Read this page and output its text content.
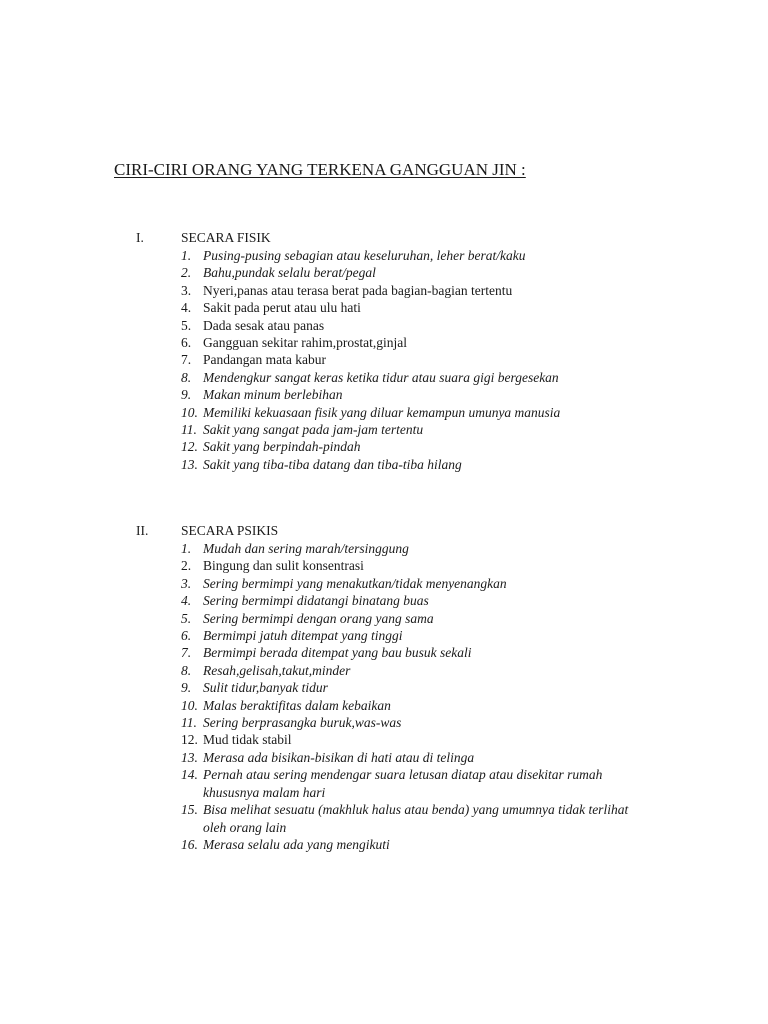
CIRI-CIRI ORANG YANG TERKENA GANGGUAN JIN :
I.	SECARA FISIK
1. Pusing-pusing sebagian atau keseluruhan, leher berat/kaku
2. Bahu,pundak selalu berat/pegal
3. Nyeri,panas atau terasa berat pada bagian-bagian tertentu
4. Sakit pada perut atau ulu hati
5. Dada sesak atau panas
6. Gangguan sekitar rahim,prostat,ginjal
7. Pandangan mata kabur
8. Mendengkur sangat keras ketika tidur atau suara gigi bergesekan
9. Makan minum berlebihan
10. Memiliki kekuasaan fisik yang diluar kemampun umunya manusia
11. Sakit yang sangat pada jam-jam tertentu
12. Sakit yang berpindah-pindah
13. Sakit yang tiba-tiba datang dan tiba-tiba hilang
II.	SECARA PSIKIS
1. Mudah dan sering marah/tersinggung
2. Bingung dan sulit konsentrasi
3. Sering bermimpi yang menakutkan/tidak menyenangkan
4. Sering bermimpi didatangi binatang buas
5. Sering bermimpi dengan orang yang sama
6. Bermimpi jatuh ditempat yang tinggi
7. Bermimpi berada ditempat yang bau busuk sekali
8. Resah,gelisah,takut,minder
9. Sulit tidur,banyak tidur
10. Malas beraktifitas dalam kebaikan
11. Sering berprasangka buruk,was-was
12. Mud tidak stabil
13. Merasa ada bisikan-bisikan di hati atau di telinga
14. Pernah atau sering mendengar suara letusan diatap atau disekitar rumah khususnya malam hari
15. Bisa melihat sesuatu (makhluk halus atau benda) yang umumnya tidak terlihat oleh orang lain
16. Merasa selalu ada yang mengikuti
